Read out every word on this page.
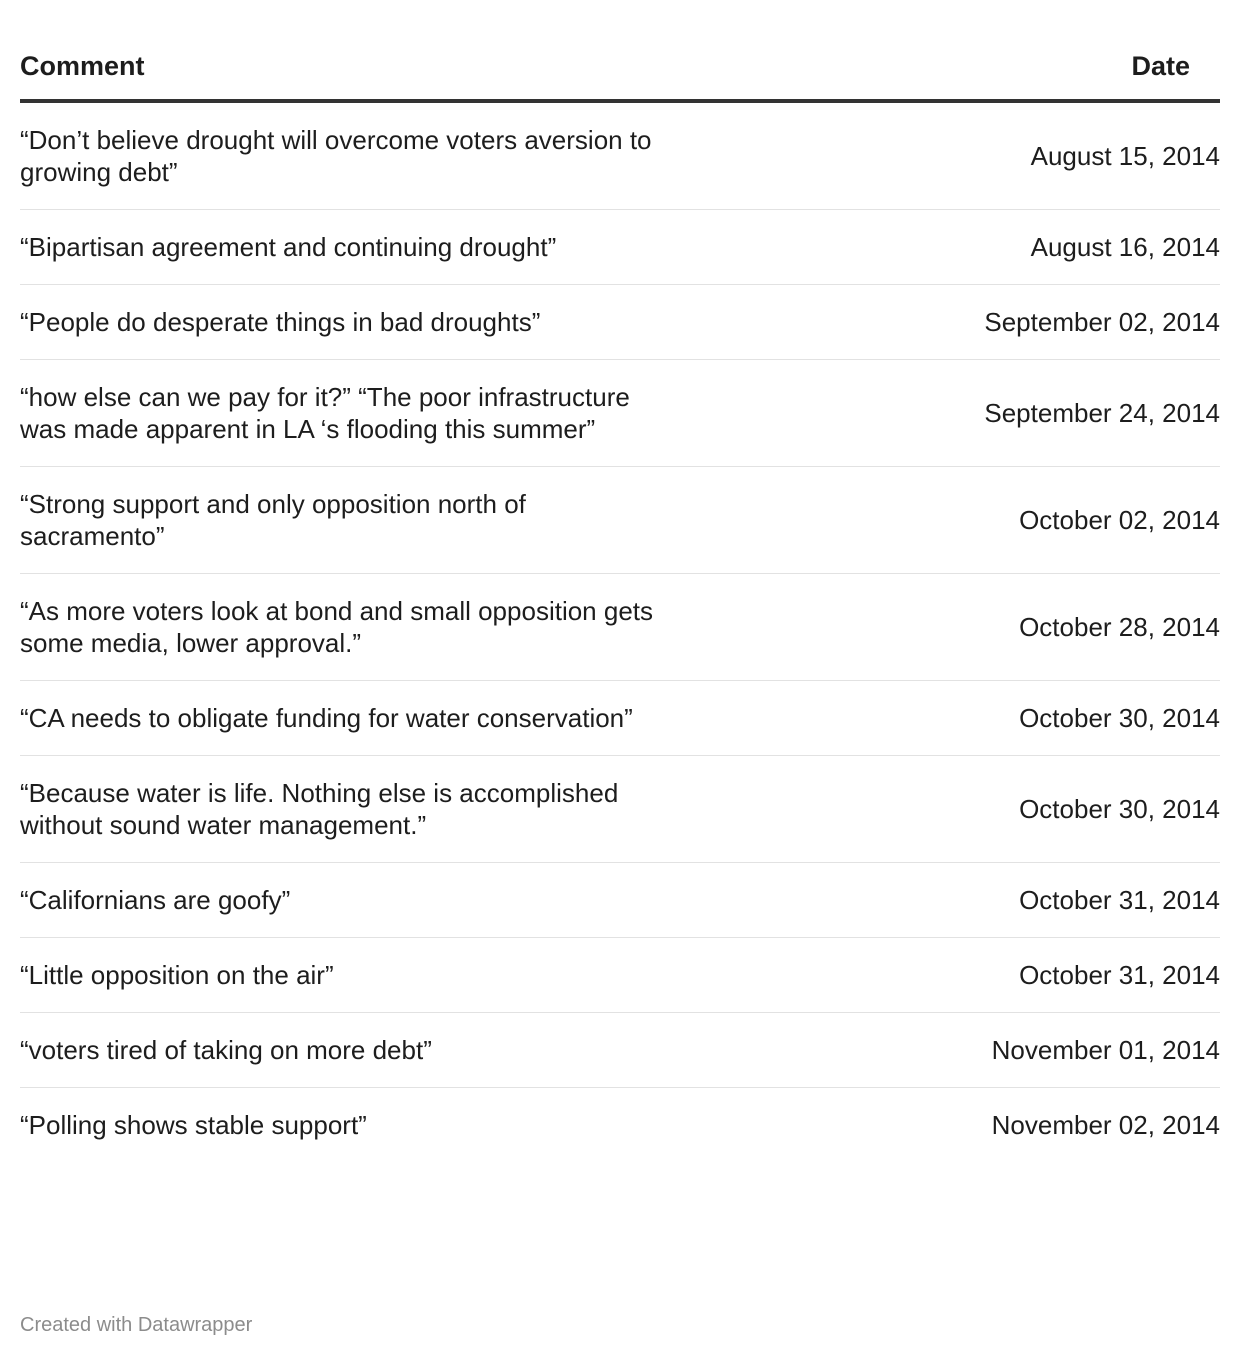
Comment	Date
“Don’t believe drought will overcome voters aversion to growing debt”	August 15, 2014
“Bipartisan agreement and continuing drought”	August 16, 2014
“People do desperate things in bad droughts”	September 02, 2014
“how else can we pay for it?” “The poor infrastructure was made apparent in LA ‘s flooding this summer”	September 24, 2014
“Strong support and only opposition north of sacramento”	October 02, 2014
“As more voters look at bond and small opposition gets some media, lower approval.”	October 28, 2014
“CA needs to obligate funding for water conservation”	October 30, 2014
“Because water is life. Nothing else is accomplished without sound water management.”	October 30, 2014
“Californians are goofy”	October 31, 2014
“Little opposition on the air”	October 31, 2014
“voters tired of taking on more debt”	November 01, 2014
“Polling shows stable support”	November 02, 2014
Created with Datawrapper
